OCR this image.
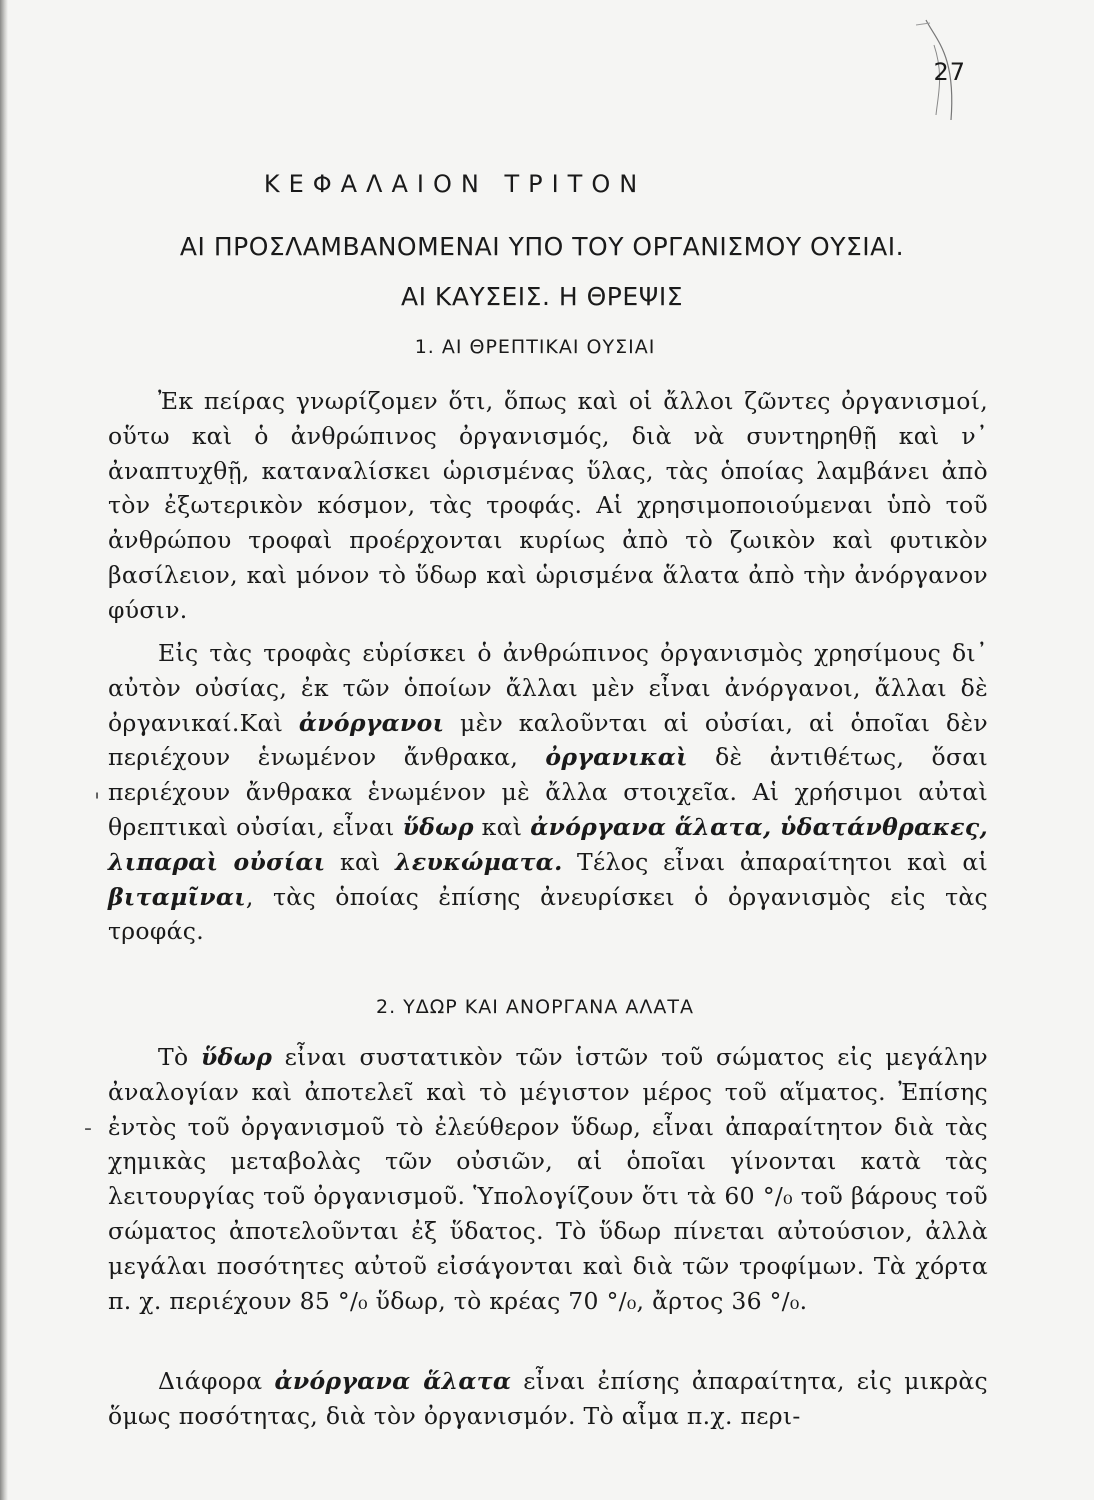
27
ΚΕΦΑΛΑΙΟΝ ΤΡΙΤΟΝ
ΑΙ ΠΡΟΣΛΑΜΒΑΝΟΜΕΝΑΙ ΥΠΟ ΤΟΥ ΟΡΓΑΝΙΣΜΟΥ ΟΥΣΙΑΙ.
ΑΙ ΚΑΥΣΕΙΣ. Η ΘΡΕΨΙΣ
1. ΑΙ ΘΡΕΠΤΙΚΑΙ ΟΥΣΙΑΙ
Ἐκ πείρας γνωρίζομεν ὅτι, ὅπως καὶ οἱ ἄλλοι ζῶντες ὀργανισμοί, οὕτω καὶ ὁ ἀνθρώπινος ὀργανισμός, διὰ νὰ συντηρηθῇ καὶ ν᾽ ἀναπτυχθῇ, καταναλίσκει ὡρισμένας ὕλας, τὰς ὁποίας λαμβάνει ἀπὸ τὸν ἐξωτερικὸν κόσμον, τὰς τροφάς. Αἱ χρησιμοποιούμεναι ὑπὸ τοῦ ἀνθρώπου τροφαὶ προέρχονται κυρίως ἀπὸ τὸ ζωικὸν καὶ φυτικὸν βασίλειον, καὶ μόνον τὸ ὕδωρ καὶ ὡρισμένα ἅλατα ἀπὸ τὴν ἀνόργανον φύσιν.
Εἰς τὰς τροφὰς εὑρίσκει ὁ ἀνθρώπινος ὀργανισμὸς χρησίμους δι᾽ αὐτὸν οὐσίας, ἐκ τῶν ὁποίων ἄλλαι μὲν εἶναι ἀνόργανοι, ἄλλαι δὲ ὀργανικαί.Καὶ ἀνόργανοι μὲν καλοῦνται αἱ οὐσίαι, αἱ ὁποῖαι δὲν περιέχουν ἑνωμένον ἄνθρακα, ὀργανικαὶ δὲ ἀντιθέτως, ὅσαι περιέχουν ἄνθρακα ἑνωμένον μὲ ἄλλα στοιχεῖα. Αἱ χρήσιμοι αὐταὶ θρεπτικαὶ οὐσίαι, εἶναι ὕδωρ καὶ ἀνόργανα ἅλατα, ὑδατάνθρακες, λιπαραὶ οὐσίαι καὶ λευκώματα. Τέλος εἶναι ἀπαραίτητοι καὶ αἱ βιταμῖναι, τὰς ὁποίας ἐπίσης ἀνευρίσκει ὁ ὀργανισμὸς εἰς τὰς τροφάς.
2. ΥΔΩΡ ΚΑΙ ΑΝΟΡΓΑΝΑ ΑΛΑΤΑ
Τὸ ὕδωρ εἶναι συστατικὸν τῶν ἱστῶν τοῦ σώματος εἰς μεγάλην ἀναλογίαν καὶ ἀποτελεῖ καὶ τὸ μέγιστον μέρος τοῦ αἵματος. Ἐπίσης ἐντὸς τοῦ ὀργανισμοῦ τὸ ἐλεύθερον ὕδωρ, εἶναι ἀπαραίτητον διὰ τὰς χημικὰς μεταβολὰς τῶν οὐσιῶν, αἱ ὁποῖαι γίνονται κατὰ τὰς λειτουργίας τοῦ ὀργανισμοῦ. Ὑπολογίζουν ὅτι τὰ 60 °/₀ τοῦ βάρους τοῦ σώματος ἀποτελοῦνται ἐξ ὕδατος. Τὸ ὕδωρ πίνεται αὐτούσιον, ἀλλὰ μεγάλαι ποσότητες αὐτοῦ εἰσάγονται καὶ διὰ τῶν τροφίμων. Τὰ χόρτα π. χ. περιέχουν 85 °/₀ ὕδωρ, τὸ κρέας 70 °/₀, ἄρτος 36 °/₀.
Διάφορα ἀνόργανα ἅλατα εἶναι ἐπίσης ἀπαραίτητα, εἰς μικρὰς ὅμως ποσότητας, διὰ τὸν ὀργανισμόν. Τὸ αἷμα π.χ. περι-
-
'
